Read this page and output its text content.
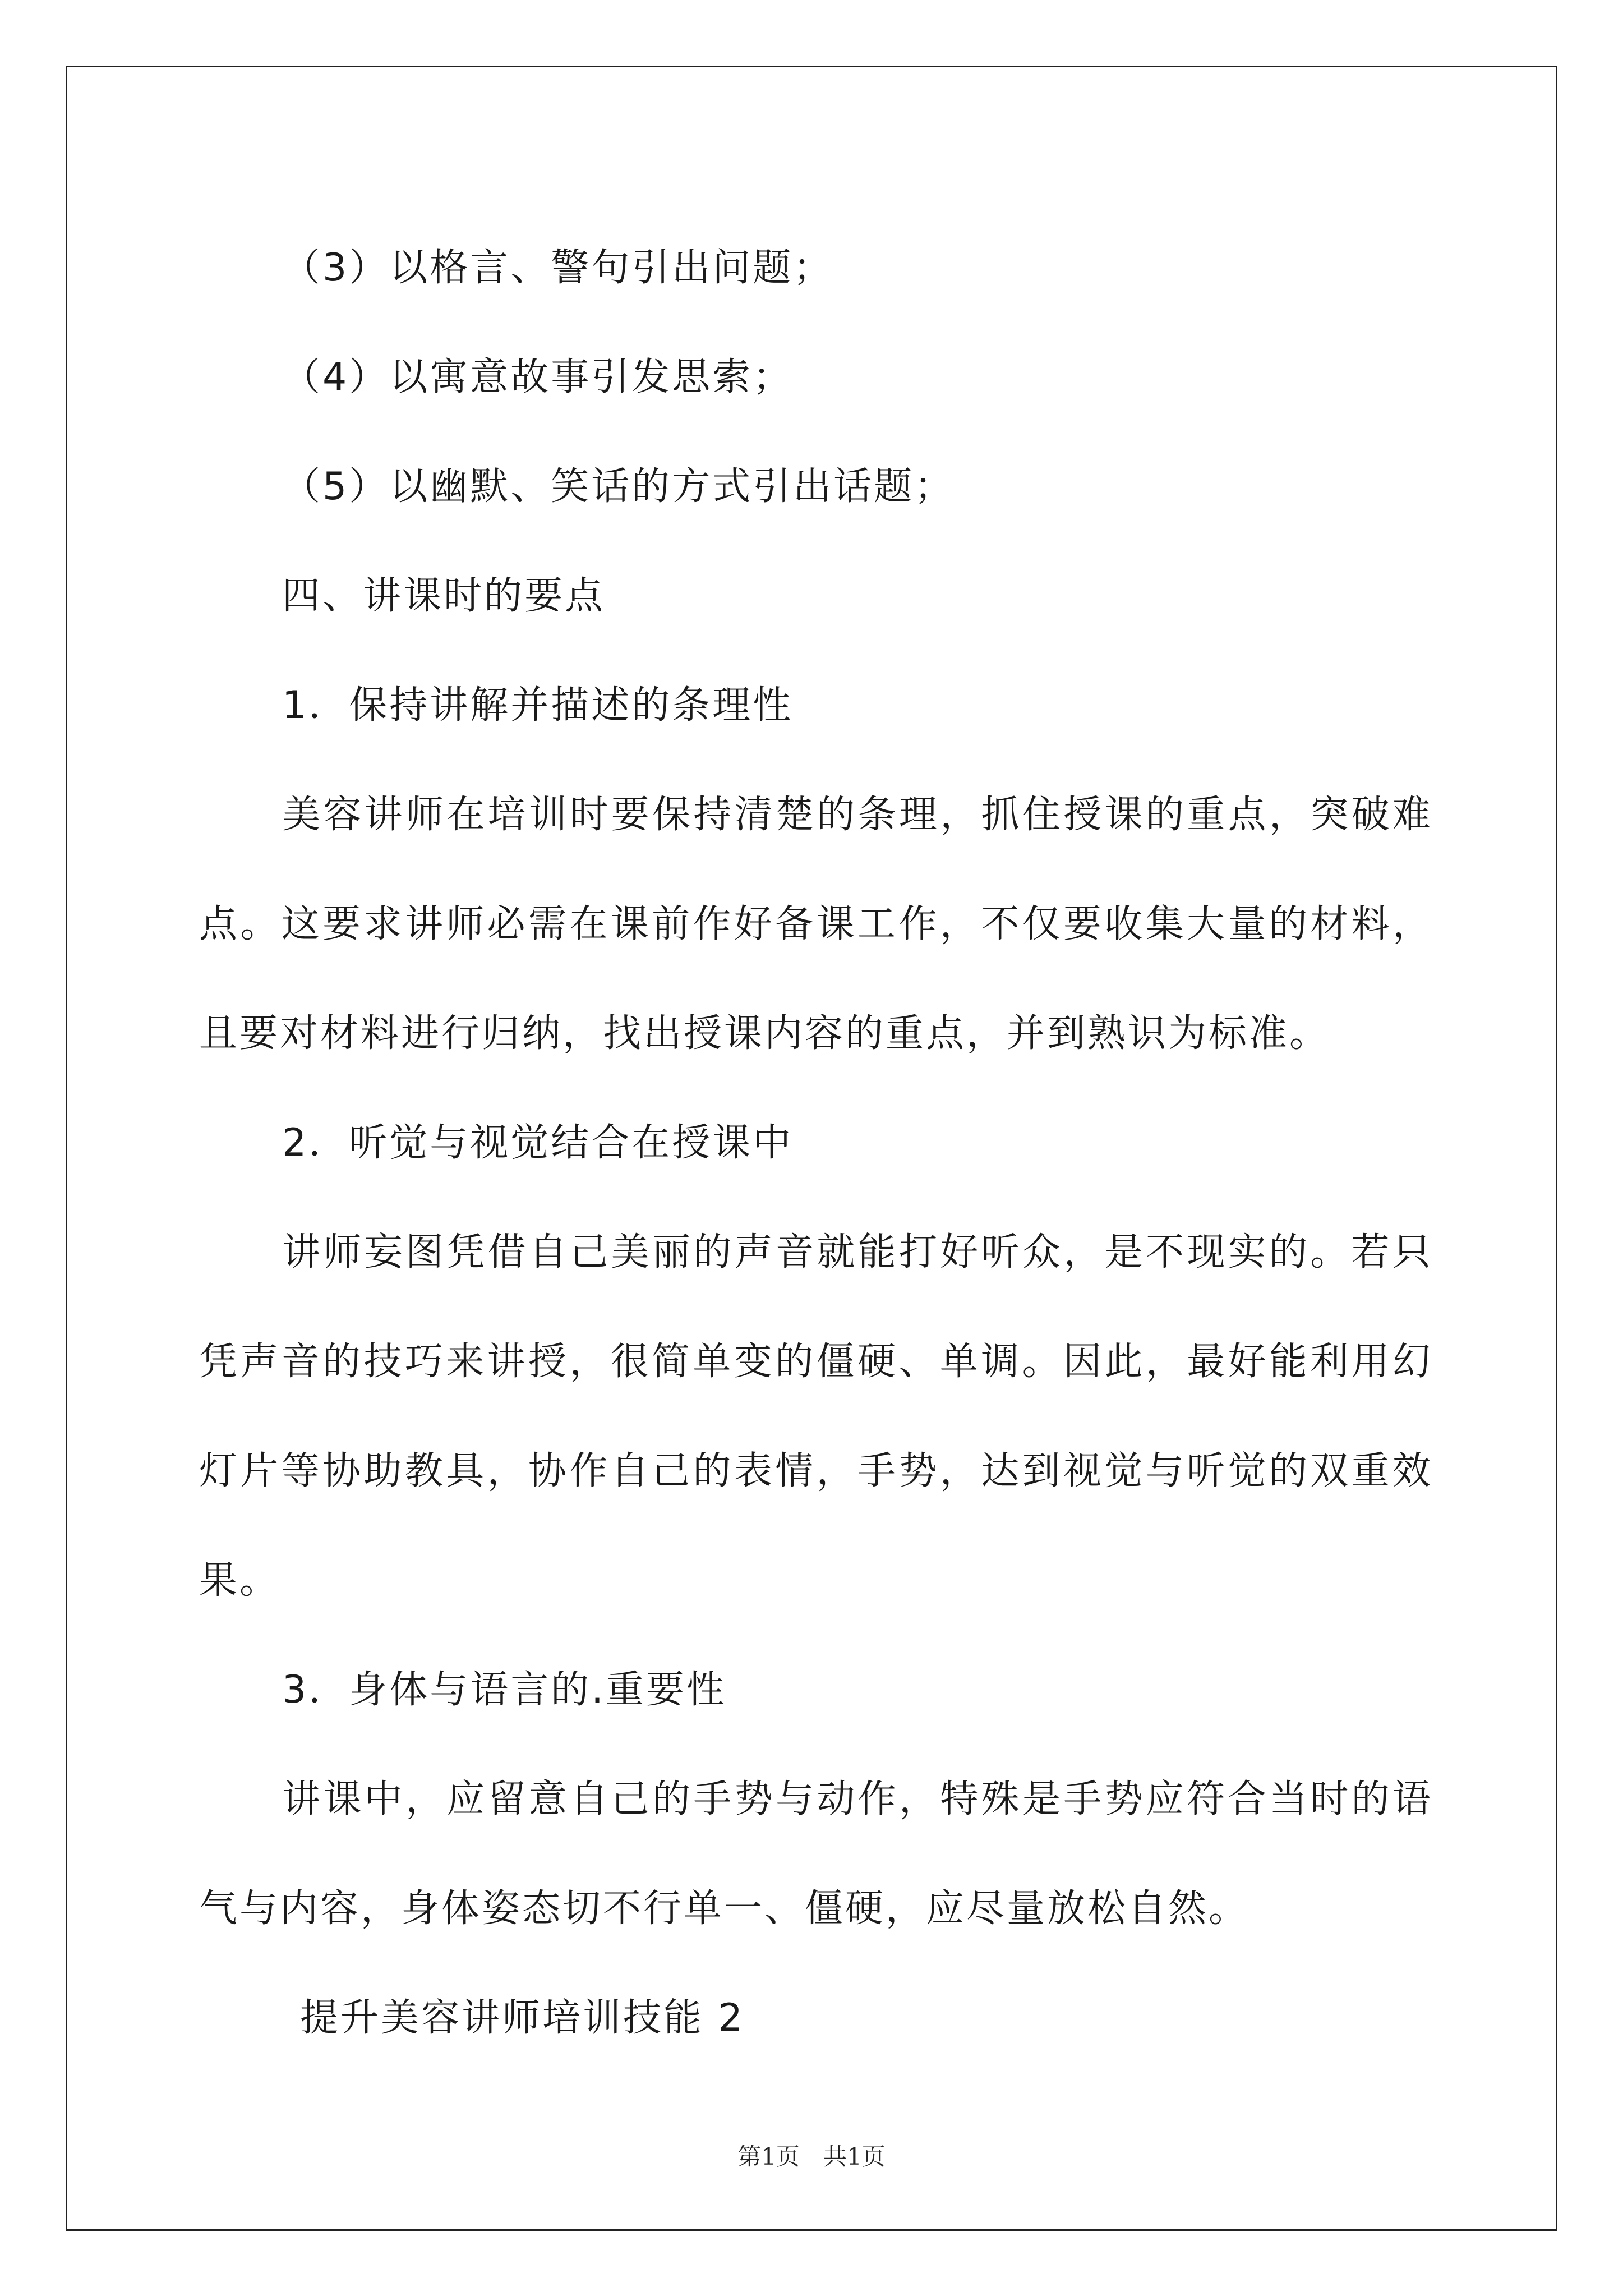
（3）以格言、警句引出问题；

（4）以寓意故事引发思索；

（5）以幽默、笑话的方式引出话题；

四、讲课时的要点

1．保持讲解并描述的条理性

美容讲师在培训时要保持清楚的条理，抓住授课的重点，突破难点。这要求讲师必需在课前作好备课工作，不仅要收集大量的材料，且要对材料进行归纳，找出授课内容的重点，并到熟识为标准。

2．听觉与视觉结合在授课中

讲师妄图凭借自己美丽的声音就能打好听众，是不现实的。若只凭声音的技巧来讲授，很简单变的僵硬、单调。因此，最好能利用幻灯片等协助教具，协作自己的表情，手势，达到视觉与听觉的双重效果。

3．身体与语言的.重要性

讲课中，应留意自己的手势与动作，特殊是手势应符合当时的语气与内容，身体姿态切不行单一、僵硬，应尽量放松自然。

提升美容讲师培训技能 2

第1页　共1页
